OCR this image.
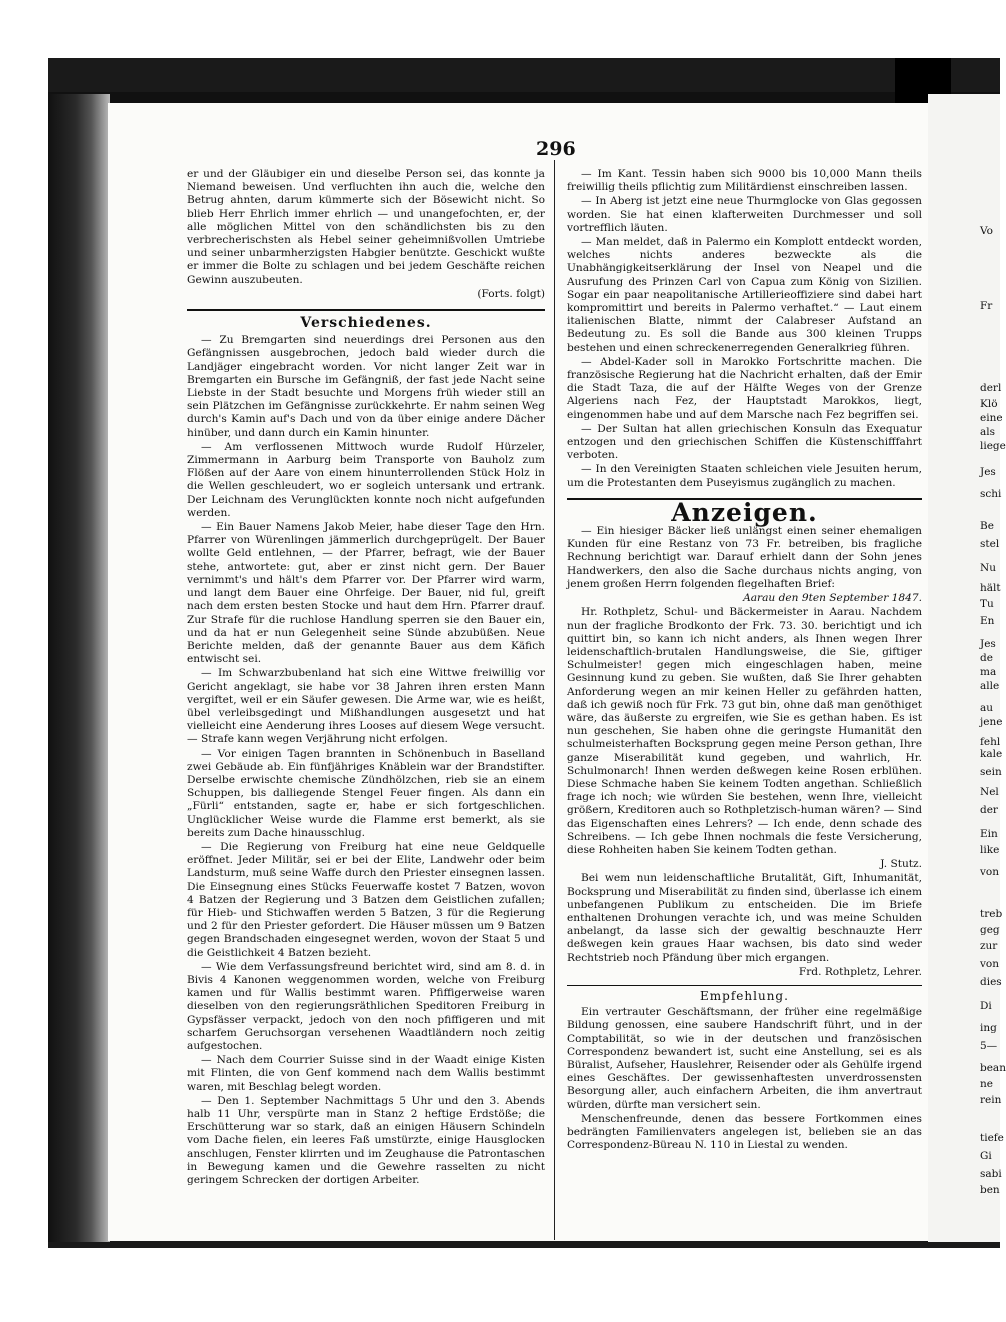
296

er und der Gläubiger ein und dieselbe Person sei, das konnte ja Niemand beweisen. Und verfluchten ihn auch die, welche den Betrug ahnten, darum kümmerte sich der Bösewicht nicht. So blieb Herr Ehrlich immer ehrlich — und unangefochten, er, der alle möglichen Mittel von den schändlichsten bis zu den verbrecherischsten als Hebel seiner geheimnißvollen Umtriebe und seiner unbarmherzigsten Habgier benützte. Geschickt wußte er immer die Bolte zu schlagen und bei jedem Geschäfte reichen Gewinn auszubeuten.

(Forts. folgt)

Verschiedenes.

— Zu Bremgarten sind neuerdings drei Personen aus den Gefängnissen ausgebrochen, jedoch bald wieder durch die Landjäger eingebracht worden. Vor nicht langer Zeit war in Bremgarten ein Bursche im Gefängniß, der fast jede Nacht seine Liebste in der Stadt besuchte und Morgens früh wieder still an sein Plätzchen im Gefängnisse zurückkehrte. Er nahm seinen Weg durch's Kamin auf's Dach und von da über einige andere Dächer hinüber, und dann durch ein Kamin hinunter.

— Am verflossenen Mittwoch wurde Rudolf Hürzeler, Zimmermann in Aarburg beim Transporte von Bauholz zum Flößen auf der Aare von einem hinunterrollenden Stück Holz in die Wellen geschleudert, wo er sogleich untersank und ertrank. Der Leichnam des Verunglückten konnte noch nicht aufgefunden werden.

— Ein Bauer Namens Jakob Meier, habe dieser Tage den Hrn. Pfarrer von Würenlingen jämmerlich durchgeprügelt. Der Bauer wollte Geld entlehnen, — der Pfarrer, befragt, wie der Bauer stehe, antwortete: gut, aber er zinst nicht gern. Der Bauer vernimmt's und hält's dem Pfarrer vor. Der Pfarrer wird warm, und langt dem Bauer eine Ohrfeige. Der Bauer, nid ful, greift nach dem ersten besten Stocke und haut dem Hrn. Pfarrer drauf. Zur Strafe für die ruchlose Handlung sperren sie den Bauer ein, und da hat er nun Gelegenheit seine Sünde abzubüßen. Neue Berichte melden, daß der genannte Bauer aus dem Käfich entwischt sei.

— Im Schwarzbubenland hat sich eine Wittwe freiwillig vor Gericht angeklagt, sie habe vor 38 Jahren ihren ersten Mann vergiftet, weil er ein Säufer gewesen. Die Arme war, wie es heißt, übel verleibsgedingt und Mißhandlungen ausgesetzt und hat vielleicht eine Aenderung ihres Looses auf diesem Wege versucht. — Strafe kann wegen Verjährung nicht erfolgen.

— Vor einigen Tagen brannten in Schönenbuch in Baselland zwei Gebäude ab. Ein fünfjähriges Knäblein war der Brandstifter. Derselbe erwischte chemische Zündhölzchen, rieb sie an einem Schuppen, bis dalliegende Stengel Feuer fingen. Als dann ein „Fürli“ entstanden, sagte er, habe er sich fortgeschlichen. Unglücklicher Weise wurde die Flamme erst bemerkt, als sie bereits zum Dache hinausschlug.

— Die Regierung von Freiburg hat eine neue Geldquelle eröffnet. Jeder Militär, sei er bei der Elite, Landwehr oder beim Landsturm, muß seine Waffe durch den Priester einsegnen lassen. Die Einsegnung eines Stücks Feuerwaffe kostet 7 Batzen, wovon 4 Batzen der Regierung und 3 Batzen dem Geistlichen zufallen; für Hieb- und Stichwaffen werden 5 Batzen, 3 für die Regierung und 2 für den Priester gefordert. Die Häuser müssen um 9 Batzen gegen Brandschaden eingesegnet werden, wovon der Staat 5 und die Geistlichkeit 4 Batzen bezieht.

— Wie dem Verfassungsfreund berichtet wird, sind am 8. d. in Bivis 4 Kanonen weggenommen worden, welche von Freiburg kamen und für Wallis bestimmt waren. Pfiffigerweise waren dieselben von den regierungsräthlichen Speditoren Freiburg in Gypsfässer verpackt, jedoch von den noch pfiffigeren und mit scharfem Geruchsorgan versehenen Waadtländern noch zeitig aufgestochen.

— Nach dem Courrier Suisse sind in der Waadt einige Kisten mit Flinten, die von Genf kommend nach dem Wallis bestimmt waren, mit Beschlag belegt worden.

— Den 1. September Nachmittags 5 Uhr und den 3. Abends halb 11 Uhr, verspürte man in Stanz 2 heftige Erdstöße; die Erschütterung war so stark, daß an einigen Häusern Schindeln vom Dache fielen, ein leeres Faß umstürzte, einige Hausglocken anschlugen, Fenster klirrten und im Zeughause die Patrontaschen in Bewegung kamen und die Gewehre rasselten zu nicht geringem Schrecken der dortigen Arbeiter.

— Im Kant. Tessin haben sich 9000 bis 10,000 Mann theils freiwillig theils pflichtig zum Militärdienst einschreiben lassen.

— In Aberg ist jetzt eine neue Thurmglocke von Glas gegossen worden. Sie hat einen klafterweiten Durchmesser und soll vortrefflich läuten.

— Man meldet, daß in Palermo ein Komplott entdeckt worden, welches nichts anderes bezweckte als die Unabhängigkeitserklärung der Insel von Neapel und die Ausrufung des Prinzen Carl von Capua zum König von Sizilien. Sogar ein paar neapolitanische Artillerieoffiziere sind dabei hart kompromittirt und bereits in Palermo verhaftet.“ — Laut einem italienischen Blatte, nimmt der Calabreser Aufstand an Bedeutung zu. Es soll die Bande aus 300 kleinen Trupps bestehen und einen schreckenerregenden Generalkrieg führen.

— Abdel-Kader soll in Marokko Fortschritte machen. Die französische Regierung hat die Nachricht erhalten, daß der Emir die Stadt Taza, die auf der Hälfte Weges von der Grenze Algeriens nach Fez, der Hauptstadt Marokkos, liegt, eingenommen habe und auf dem Marsche nach Fez begriffen sei.

— Der Sultan hat allen griechischen Konsuln das Exequatur entzogen und den griechischen Schiffen die Küstenschifffahrt verboten.

— In den Vereinigten Staaten schleichen viele Jesuiten herum, um die Protestanten dem Puseyismus zugänglich zu machen.

Anzeigen.

— Ein hiesiger Bäcker ließ unlängst einen seiner ehemaligen Kunden für eine Restanz von 73 Fr. betreiben, bis fragliche Rechnung berichtigt war. Darauf erhielt dann der Sohn jenes Handwerkers, den also die Sache durchaus nichts anging, von jenem großen Herrn folgenden flegelhaften Brief:

Aarau den 9ten September 1847.

Hr. Rothpletz, Schul- und Bäckermeister in Aarau. Nachdem nun der fragliche Brodkonto der Frk. 73. 30. berichtigt und ich quittirt bin, so kann ich nicht anders, als Ihnen wegen Ihrer leidenschaftlich-brutalen Handlungsweise, die Sie, giftiger Schulmeister! gegen mich eingeschlagen haben, meine Gesinnung kund zu geben. Sie wußten, daß Sie Ihrer gehabten Anforderung wegen an mir keinen Heller zu gefährden hatten, daß ich gewiß noch für Frk. 73 gut bin, ohne daß man genöthiget wäre, das äußerste zu ergreifen, wie Sie es gethan haben. Es ist nun geschehen, Sie haben ohne die geringste Humanität den schulmeisterhaften Bocksprung gegen meine Person gethan, Ihre ganze Miserabilität kund gegeben, und wahrlich, Hr. Schulmonarch! Ihnen werden deßwegen keine Rosen erblühen. Diese Schmache haben Sie keinem Todten angethan. Schließlich frage ich noch; wie würden Sie bestehen, wenn Ihre, vielleicht größern, Kreditoren auch so Rothpletzisch-human wären? — Sind das Eigenschaften eines Lehrers? — Ich ende, denn schade des Schreibens. — Ich gebe Ihnen nochmals die feste Versicherung, diese Rohheiten haben Sie keinem Todten gethan.

J. Stutz.

Bei wem nun leidenschaftliche Brutalität, Gift, Inhumanität, Bocksprung und Miserabilität zu finden sind, überlasse ich einem unbefangenen Publikum zu entscheiden. Die im Briefe enthaltenen Drohungen verachte ich, und was meine Schulden anbelangt, da lasse sich der gewaltig beschnauzte Herr deßwegen kein graues Haar wachsen, bis dato sind weder Rechtstrieb noch Pfändung über mich ergangen.

Frd. Rothpletz, Lehrer.

Empfehlung.

Ein vertrauter Geschäftsmann, der früher eine regelmäßige Bildung genossen, eine saubere Handschrift führt, und in der Comptabilität, so wie in der deutschen und französischen Correspondenz bewandert ist, sucht eine Anstellung, sei es als Büralist, Aufseher, Hauslehrer, Reisender oder als Gehülfe irgend eines Geschäftes. Der gewissenhaftesten unverdrossensten Besorgung aller, auch einfachern Arbeiten, die ihm anvertraut würden, dürfte man versichert sein.

Menschenfreunde, denen das bessere Fortkommen eines bedrängten Familienvaters angelegen ist, belieben sie an das Correspondenz-Büreau N. 110 in Liestal zu wenden.

Vo
Fr
derl
Klö
eine
als
liege
Jes
schi
Be
stel
Nu
hält
Tu
En
Jes
de
ma
alle
au
jene
fehl
kale
sein
Nel
der
Ein
like
von
treb
geg
zur
von
dies
Di
ing
5—
bean
ne
rein
tiefe
Gi
sabi
ben
